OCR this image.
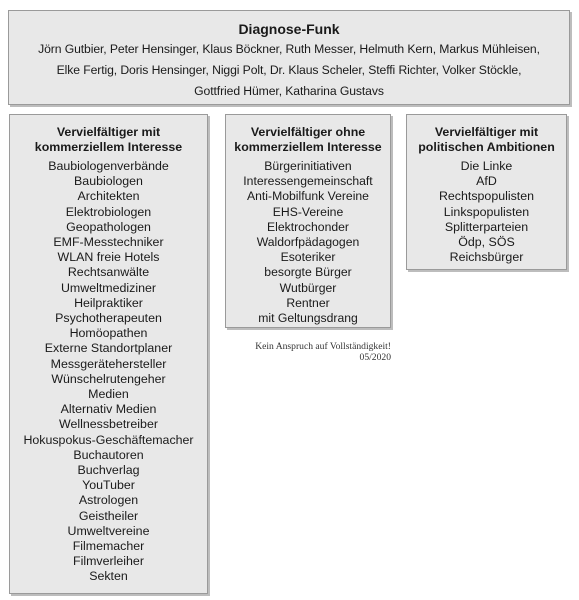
Diagnose-Funk
Jörn Gutbier, Peter Hensinger, Klaus Böckner, Ruth Messer, Helmuth Kern, Markus Mühleisen,
Elke Fertig, Doris Hensinger, Niggi Polt, Dr. Klaus Scheler, Steffi Richter, Volker Stöckle,
Gottfried Hümer, Katharina Gustavs
Vervielfältiger mit
kommerziellem Interesse
Baubiologenverbände
Baubiologen
Architekten
Elektrobiologen
Geopathologen
EMF-Messtechniker
WLAN freie Hotels
Rechtsanwälte
Umweltmediziner
Heilpraktiker
Psychotherapeuten
Homöopathen
Externe Standortplaner
Messgerätehersteller
Wünschelrutengeher
Medien
Alternativ Medien
Wellnessbetreiber
Hokuspokus-Geschäftemacher
Buchautoren
Buchverlag
YouTuber
Astrologen
Geistheiler
Umweltvereine
Filmemacher
Filmverleiher
Sekten
Vervielfältiger ohne
kommerziellem Interesse
Bürgerinitiativen
Interessengemeinschaft
Anti-Mobilfunk Vereine
EHS-Vereine
Elektrochonder
Waldorfpädagogen
Esoteriker
besorgte Bürger
Wutbürger
Rentner
mit Geltungsdrang
Vervielfältiger mit
politischen Ambitionen
Die Linke
AfD
Rechtspopulisten
Linkspopulisten
Splitterparteien
Ödp, SÖS
Reichsbürger
Kein Anspruch auf Vollständigkeit!
05/2020
